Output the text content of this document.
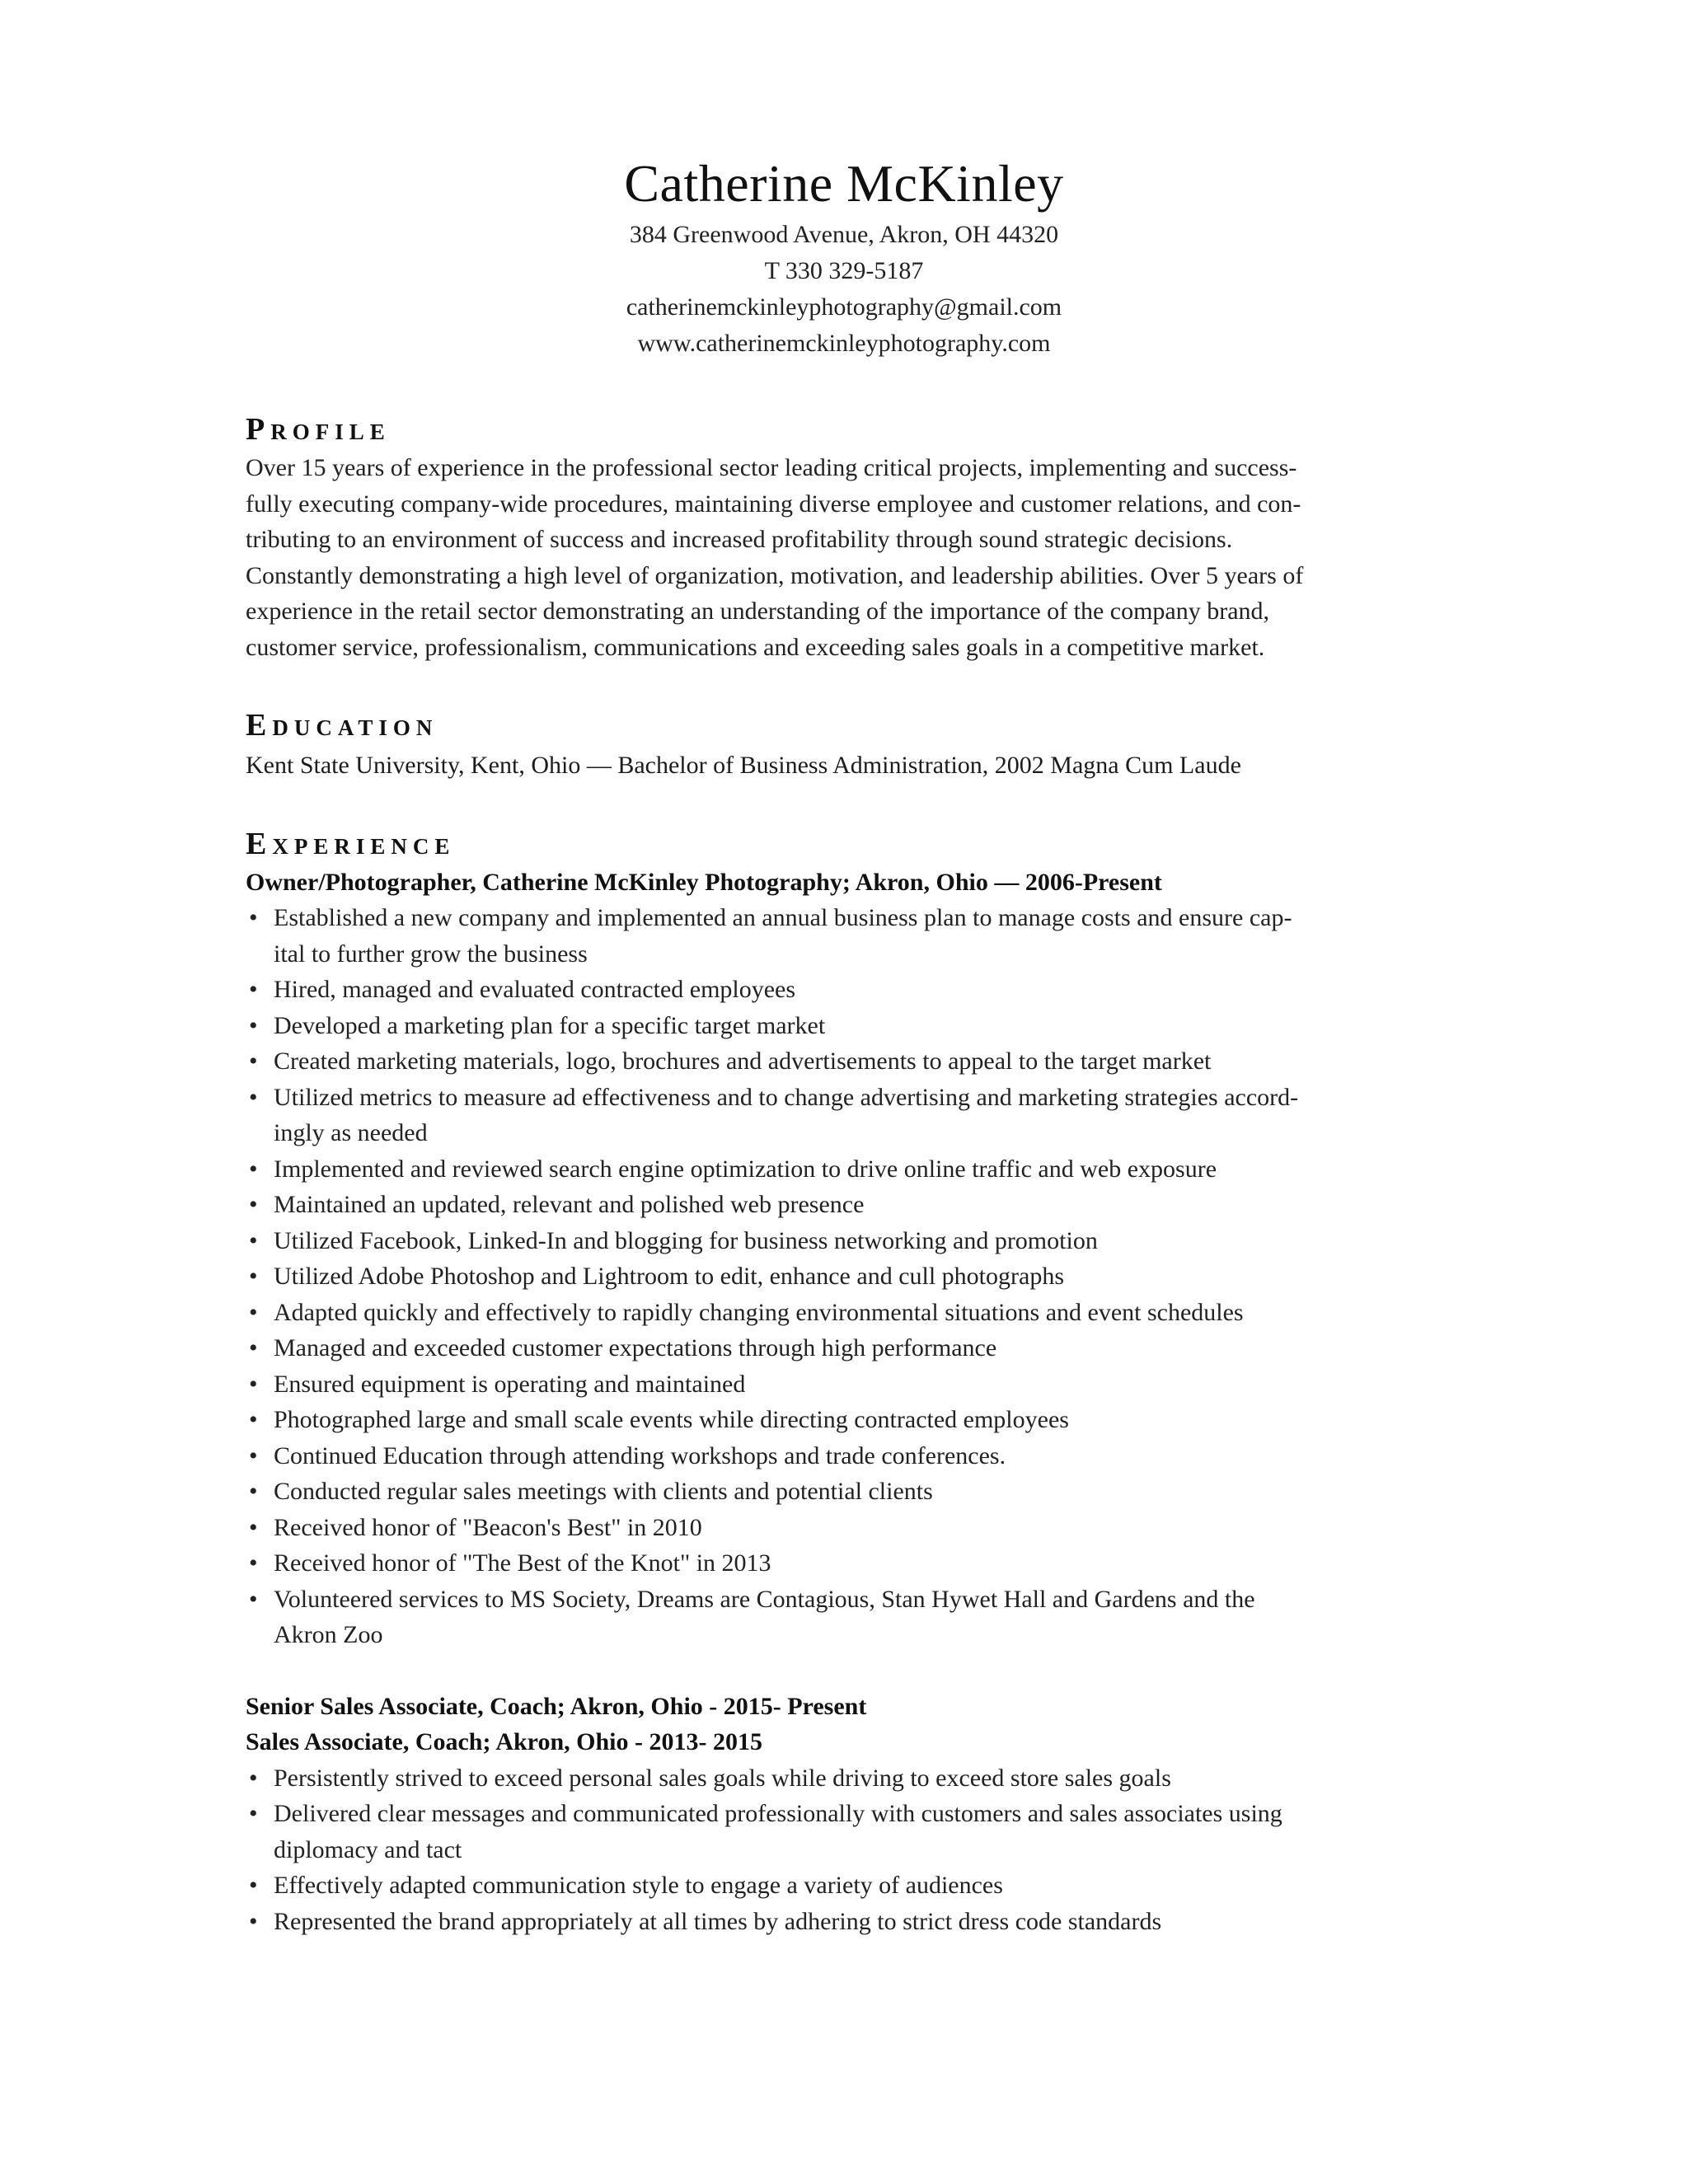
Catherine McKinley
384 Greenwood Avenue, Akron, OH 44320
T 330 329-5187
catherinemckinleyphotography@gmail.com
www.catherinemckinleyphotography.com
Profile

Over 15 years of experience in the professional sector leading critical projects, implementing and success-
fully executing company-wide procedures, maintaining diverse employee and customer relations, and con-
tributing to an environment of success and increased profitability through sound strategic decisions.
Constantly demonstrating a high level of organization, motivation, and leadership abilities. Over 5 years of
experience in the retail sector demonstrating an understanding of the importance of the company brand,
customer service, professionalism, communications and exceeding sales goals in a competitive market.

Education

Kent State University, Kent, Ohio — Bachelor of Business Administration, 2002 Magna Cum Laude

Experience

Owner/Photographer, Catherine McKinley Photography; Akron, Ohio — 2006-Present

• Established a new company and implemented an annual business plan to manage costs and ensure cap-
ital to further grow the business
• Hired, managed and evaluated contracted employees
• Developed a marketing plan for a specific target market
• Created marketing materials, logo, brochures and advertisements to appeal to the target market
• Utilized metrics to measure ad effectiveness and to change advertising and marketing strategies accord-
ingly as needed
• Implemented and reviewed search engine optimization to drive online traffic and web exposure
• Maintained an updated, relevant and polished web presence
• Utilized Facebook, Linked-In and blogging for business networking and promotion
• Utilized Adobe Photoshop and Lightroom to edit, enhance and cull photographs
• Adapted quickly and effectively to rapidly changing environmental situations and event schedules
• Managed and exceeded customer expectations through high performance
• Ensured equipment is operating and maintained
• Photographed large and small scale events while directing contracted employees
• Continued Education through attending workshops and trade conferences.
• Conducted regular sales meetings with clients and potential clients
• Received honor of "Beacon's Best" in 2010
• Received honor of "The Best of the Knot" in 2013
• Volunteered services to MS Society, Dreams are Contagious, Stan Hywet Hall and Gardens and the
Akron Zoo

Senior Sales Associate, Coach; Akron, Ohio - 2015- Present

Sales Associate, Coach; Akron, Ohio - 2013- 2015

• Persistently strived to exceed personal sales goals while driving to exceed store sales goals
• Delivered clear messages and communicated professionally with customers and sales associates using
diplomacy and tact
• Effectively adapted communication style to engage a variety of audiences
• Represented the brand appropriately at all times by adhering to strict dress code standards
